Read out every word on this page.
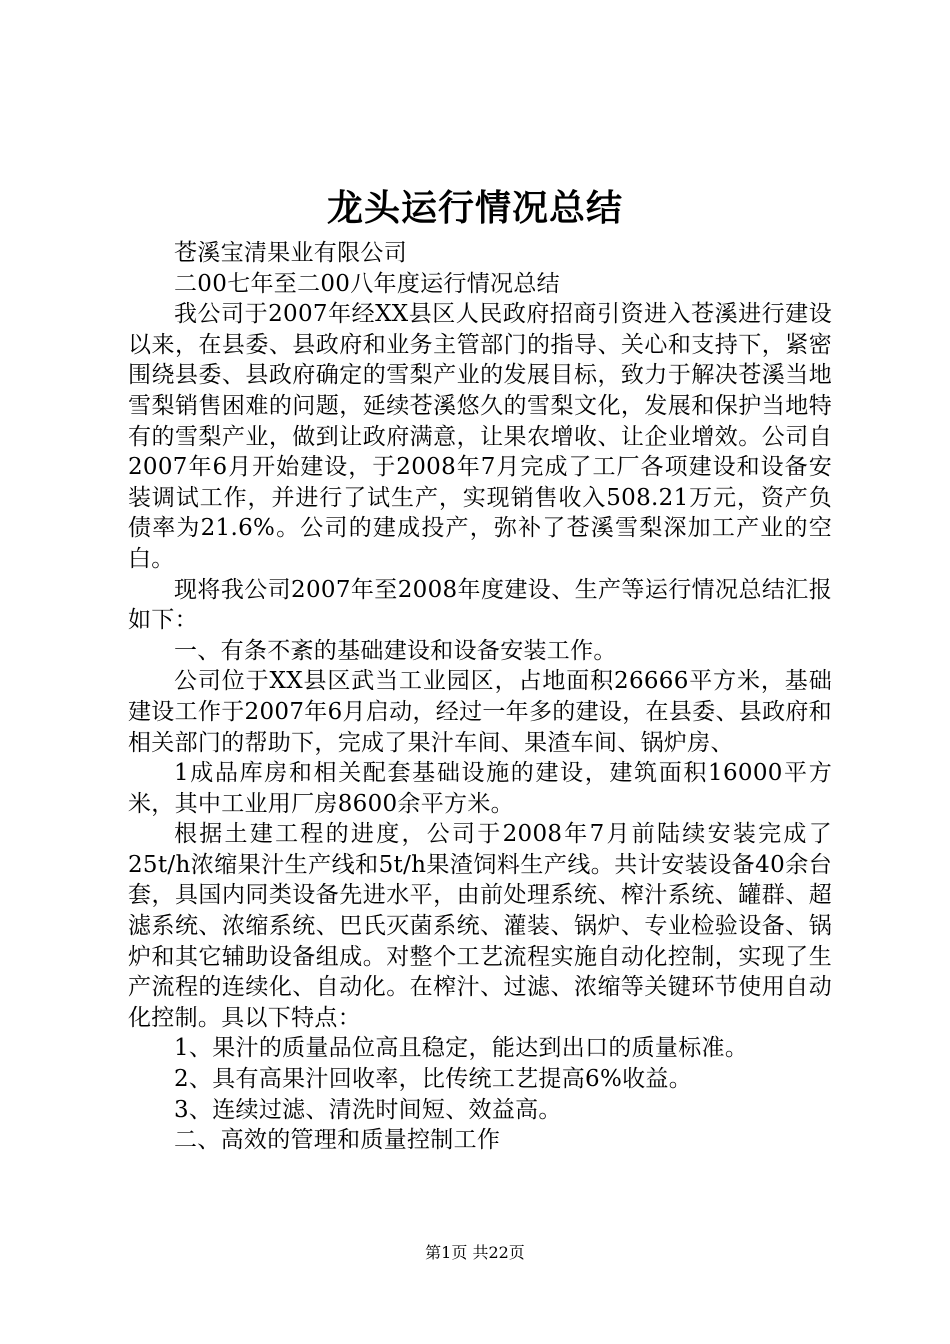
龙头运行情况总结

苍溪宝清果业有限公司

二00七年至二00八年度运行情况总结

我公司于2007年经XX县区人民政府招商引资进入苍溪进行建设以来，在县委、县政府和业务主管部门的指导、关心和支持下，紧密围绕县委、县政府确定的雪梨产业的发展目标，致力于解决苍溪当地雪梨销售困难的问题，延续苍溪悠久的雪梨文化，发展和保护当地特有的雪梨产业，做到让政府满意，让果农增收、让企业增效。公司自2007年6月开始建设，于2008年7月完成了工厂各项建设和设备安装调试工作，并进行了试生产，实现销售收入508.21万元，资产负债率为21.6%。公司的建成投产，弥补了苍溪雪梨深加工产业的空白。

现将我公司2007年至2008年度建设、生产等运行情况总结汇报如下：

一、有条不紊的基础建设和设备安装工作。

公司位于XX县区武当工业园区，占地面积26666平方米，基础建设工作于2007年6月启动，经过一年多的建设，在县委、县政府和相关部门的帮助下，完成了果汁车间、果渣车间、锅炉房、

1成品库房和相关配套基础设施的建设，建筑面积16000平方米，其中工业用厂房8600余平方米。

根据土建工程的进度，公司于2008年7月前陆续安装完成了25t/h浓缩果汁生产线和5t/h果渣饲料生产线。共计安装设备40余台套，具国内同类设备先进水平，由前处理系统、榨汁系统、罐群、超滤系统、浓缩系统、巴氏灭菌系统、灌装、锅炉、专业检验设备、锅炉和其它辅助设备组成。对整个工艺流程实施自动化控制，实现了生产流程的连续化、自动化。在榨汁、过滤、浓缩等关键环节使用自动化控制。具以下特点：

1、果汁的质量品位高且稳定，能达到出口的质量标准。

2、具有高果汁回收率，比传统工艺提高6%收益。

3、连续过滤、清洗时间短、效益高。

二、高效的管理和质量控制工作

第1页 共22页
